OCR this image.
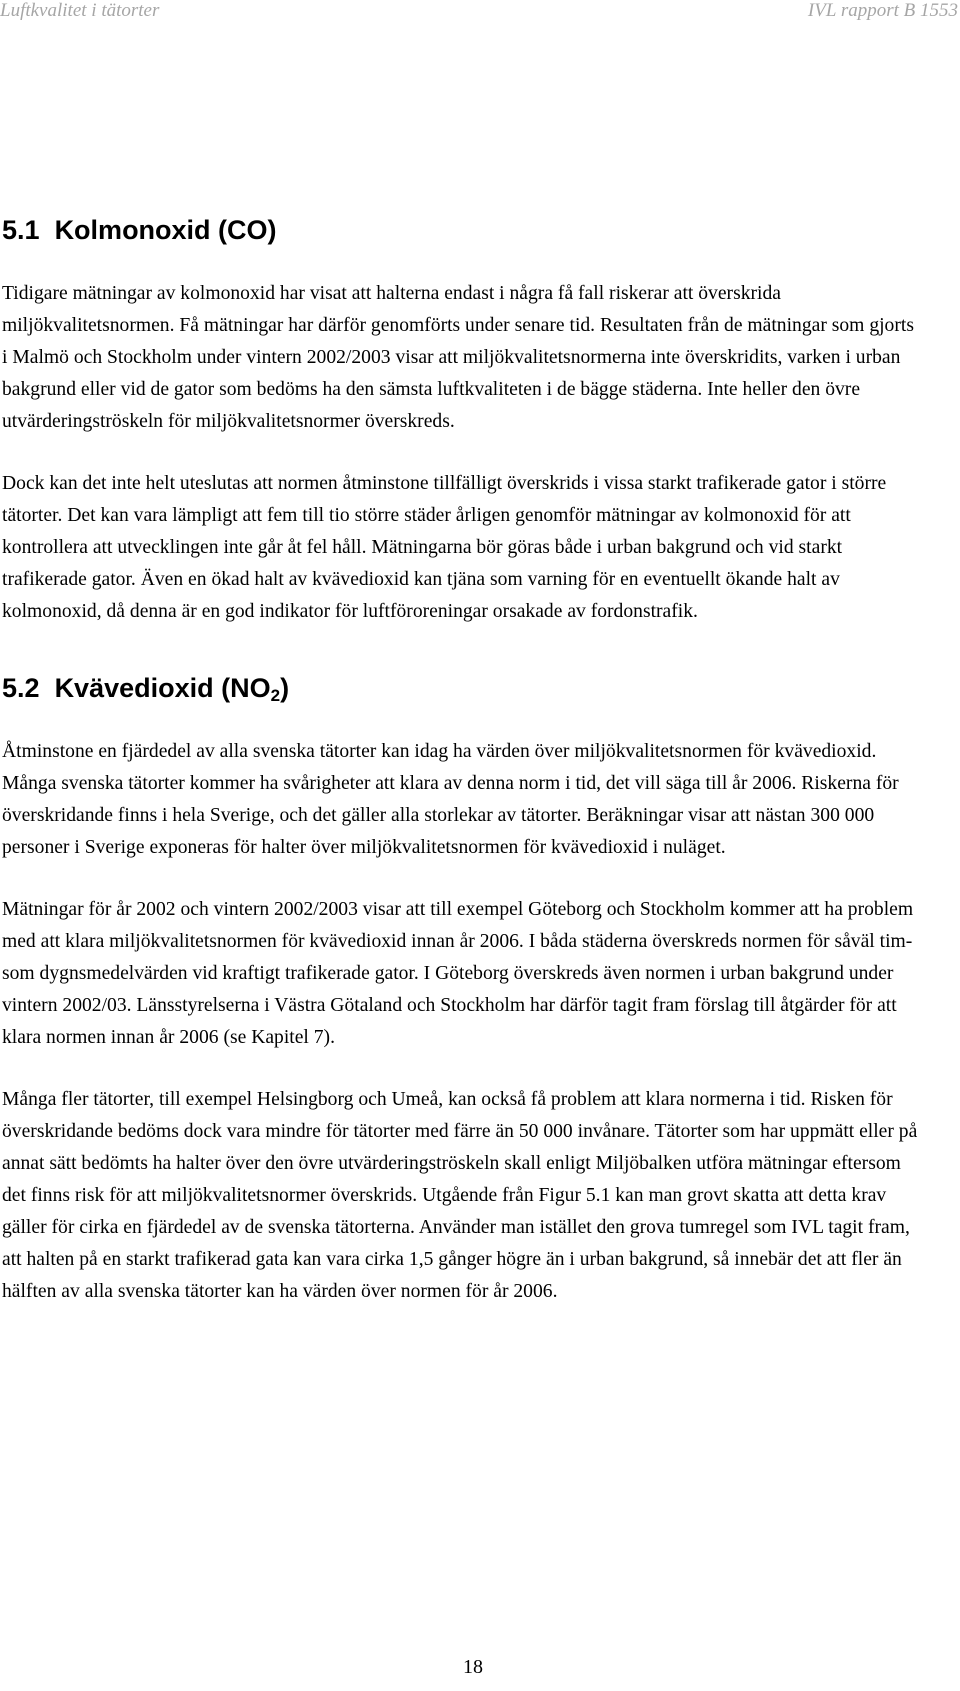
Luftkvalitet i tätorter	IVL rapport B 1553
5.1 Kolmonoxid (CO)

Tidigare mätningar av kolmonoxid har visat att halterna endast i några få fall riskerar att överskrida miljökvalitetsnormen. Få mätningar har därför genomförts under senare tid. Resultaten från de mätningar som gjorts i Malmö och Stockholm under vintern 2002/2003 visar att miljökvalitetsnormerna inte överskridits, varken i urban bakgrund eller vid de gator som bedöms ha den sämsta luftkvaliteten i de bägge städerna. Inte heller den övre utvärderingströskeln för miljökvalitetsnormer överskreds.

Dock kan det inte helt uteslutas att normen åtminstone tillfälligt överskrids i vissa starkt trafikerade gator i större tätorter. Det kan vara lämpligt att fem till tio större städer årligen genomför mätningar av kolmonoxid för att kontrollera att utvecklingen inte går åt fel håll. Mätningarna bör göras både i urban bakgrund och vid starkt trafikerade gator. Även en ökad halt av kvävedioxid kan tjäna som varning för en eventuellt ökande halt av kolmonoxid, då denna är en god indikator för luftföroreningar orsakade av fordonstrafik.

5.2 Kvävedioxid $(NO_2)$

Åtminstone en fjärdedel av alla svenska tätorter kan idag ha värden över miljökvalitetsnormen för kvävedioxid. Många svenska tätorter kommer ha svårigheter att klara av denna norm i tid, det vill säga till år 2006. Riskerna för överskridande finns i hela Sverige, och det gäller alla storlekar av tätorter. Beräkningar visar att nästan 300 000 personer i Sverige exponeras för halter över miljökvalitetsnormen för kvävedioxid i nuläget.

Mätningar för år 2002 och vintern 2002/2003 visar att till exempel Göteborg och Stockholm kommer att ha problem med att klara miljökvalitetsnormen för kvävedioxid innan år 2006. I båda städerna överskreds normen för såväl tim- som dygnsmedelvärden vid kraftigt trafikerade gator. I Göteborg överskreds även normen i urban bakgrund under vintern 2002/03. Länsstyrelserna i Västra Götaland och Stockholm har därför tagit fram förslag till åtgärder för att klara normen innan år 2006 (se Kapitel 7).

Många fler tätorter, till exempel Helsingborg och Umeå, kan också få problem att klara normerna i tid. Risken för överskridande bedöms dock vara mindre för tätorter med färre än 50 000 invånare. Tätorter som har uppmätt eller på annat sätt bedömts ha halter över den övre utvärderingströskeln skall enligt Miljöbalken utföra mätningar eftersom det finns risk för att miljökvalitetsnormer överskrids. Utgående från Figur 5.1 kan man grovt skatta att detta krav gäller för cirka en fjärdedel av de svenska tätorterna. Använder man istället den grova tumregel som IVL tagit fram, att halten på en starkt trafikerad gata kan vara cirka 1,5 gånger högre än i urban bakgrund, så innebär det att fler än hälften av alla svenska tätorter kan ha värden över normen för år 2006.

18
